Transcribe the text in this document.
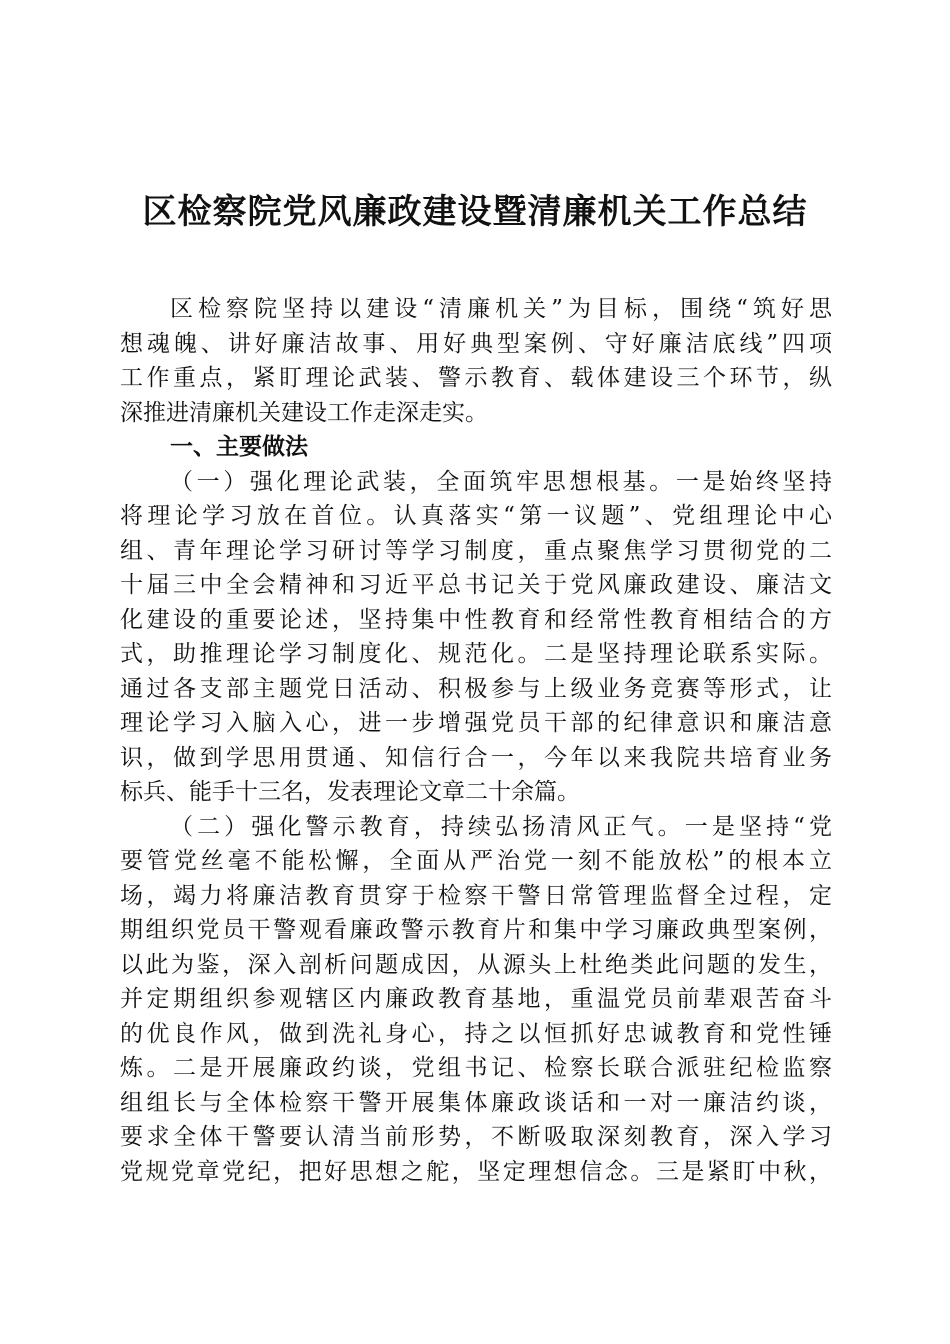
区检察院党风廉政建设暨清廉机关工作总结
区检察院坚持以建设“清廉机关”为目标，围绕“筑好思
想魂魄、讲好廉洁故事、用好典型案例、守好廉洁底线”四项
工作重点，紧盯理论武装、警示教育、载体建设三个环节，纵
深推进清廉机关建设工作走深走实。
一、主要做法
（一）强化理论武装，全面筑牢思想根基。一是始终坚持
将理论学习放在首位。认真落实“第一议题”、党组理论中心
组、青年理论学习研讨等学习制度，重点聚焦学习贯彻党的二
十届三中全会精神和习近平总书记关于党风廉政建设、廉洁文
化建设的重要论述，坚持集中性教育和经常性教育相结合的方
式，助推理论学习制度化、规范化。二是坚持理论联系实际。
通过各支部主题党日活动、积极参与上级业务竞赛等形式，让
理论学习入脑入心，进一步增强党员干部的纪律意识和廉洁意
识，做到学思用贯通、知信行合一，今年以来我院共培育业务
标兵、能手十三名，发表理论文章二十余篇。
（二）强化警示教育，持续弘扬清风正气。一是坚持“党
要管党丝毫不能松懈，全面从严治党一刻不能放松”的根本立
场，竭力将廉洁教育贯穿于检察干警日常管理监督全过程，定
期组织党员干警观看廉政警示教育片和集中学习廉政典型案例，
以此为鉴，深入剖析问题成因，从源头上杜绝类此问题的发生，
并定期组织参观辖区内廉政教育基地，重温党员前辈艰苦奋斗
的优良作风，做到洗礼身心，持之以恒抓好忠诚教育和党性锤
炼。二是开展廉政约谈，党组书记、检察长联合派驻纪检监察
组组长与全体检察干警开展集体廉政谈话和一对一廉洁约谈，
要求全体干警要认清当前形势，不断吸取深刻教育，深入学习
党规党章党纪，把好思想之舵，坚定理想信念。三是紧盯中秋，
